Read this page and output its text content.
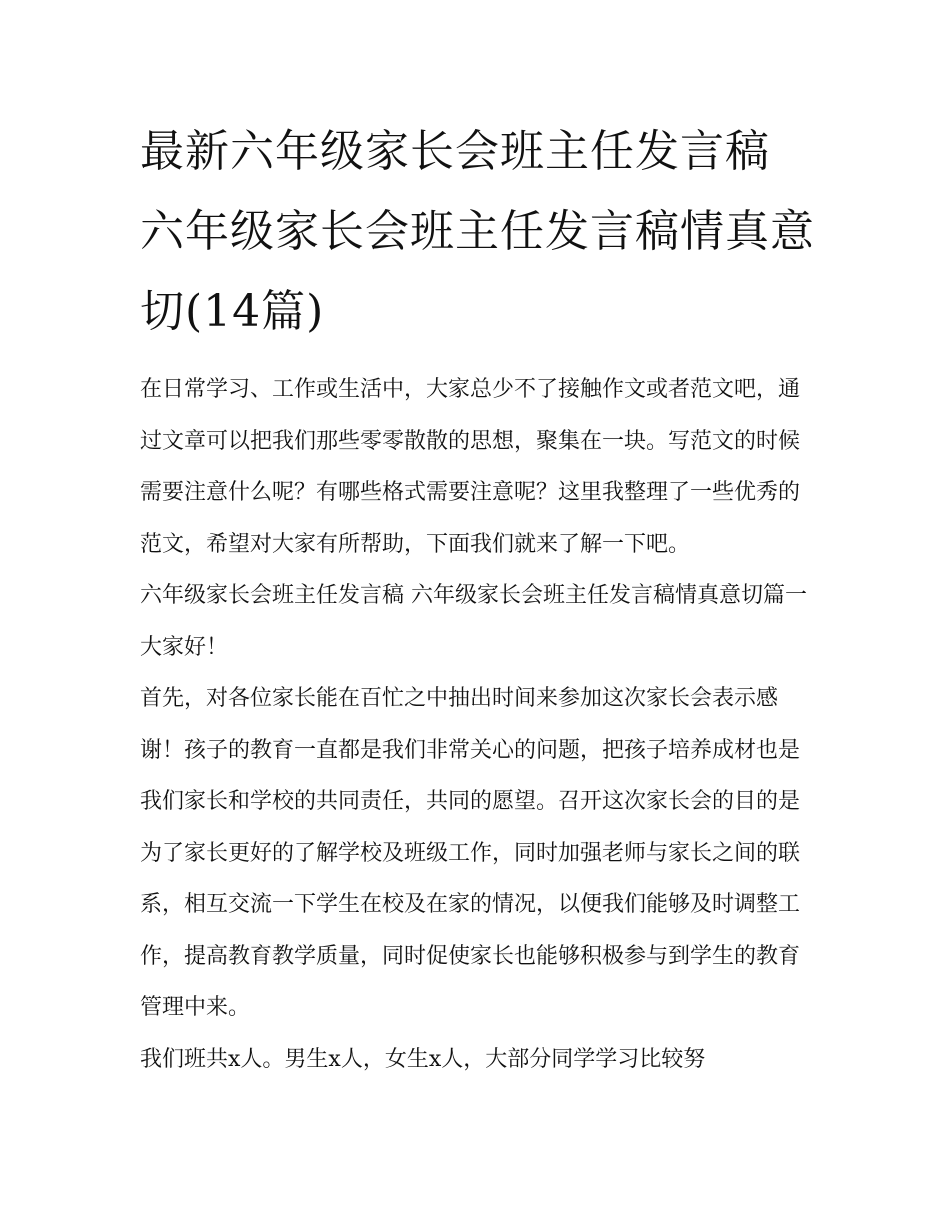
最新六年级家长会班主任发言稿 六年级家长会班主任发言稿情真意切(14篇)

在日常学习、工作或生活中，大家总少不了接触作文或者范文吧，通过文章可以把我们那些零零散散的思想，聚集在一块。写范文的时候需要注意什么呢？有哪些格式需要注意呢？这里我整理了一些优秀的范文，希望对大家有所帮助，下面我们就来了解一下吧。

六年级家长会班主任发言稿 六年级家长会班主任发言稿情真意切篇一 大家好！

首先，对各位家长能在百忙之中抽出时间来参加这次家长会表示感谢！孩子的教育一直都是我们非常关心的问题，把孩子培养成材也是我们家长和学校的共同责任，共同的愿望。召开这次家长会的目的是为了家长更好的了解学校及班级工作，同时加强老师与家长之间的联系，相互交流一下学生在校及在家的情况，以便我们能够及时调整工作，提高教育教学质量，同时促使家长也能够积极参与到学生的教育管理中来。

我们班共x人。男生x人，女生x人，大部分同学学习比较努
